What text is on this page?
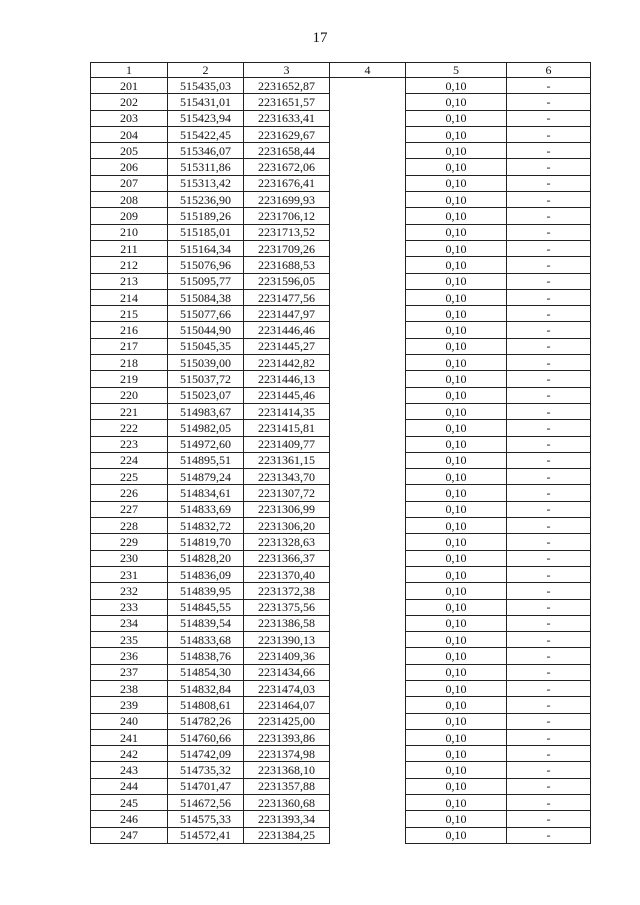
17
1	2	3	4	5	6
201	515435,03	2231652,87		0,10	-
202	515431,01	2231651,57		0,10	-
203	515423,94	2231633,41		0,10	-
204	515422,45	2231629,67		0,10	-
205	515346,07	2231658,44		0,10	-
206	515311,86	2231672,06		0,10	-
207	515313,42	2231676,41		0,10	-
208	515236,90	2231699,93		0,10	-
209	515189,26	2231706,12		0,10	-
210	515185,01	2231713,52		0,10	-
211	515164,34	2231709,26		0,10	-
212	515076,96	2231688,53		0,10	-
213	515095,77	2231596,05		0,10	-
214	515084,38	2231477,56		0,10	-
215	515077,66	2231447,97		0,10	-
216	515044,90	2231446,46		0,10	-
217	515045,35	2231445,27		0,10	-
218	515039,00	2231442,82		0,10	-
219	515037,72	2231446,13		0,10	-
220	515023,07	2231445,46		0,10	-
221	514983,67	2231414,35		0,10	-
222	514982,05	2231415,81		0,10	-
223	514972,60	2231409,77		0,10	-
224	514895,51	2231361,15		0,10	-
225	514879,24	2231343,70		0,10	-
226	514834,61	2231307,72		0,10	-
227	514833,69	2231306,99		0,10	-
228	514832,72	2231306,20		0,10	-
229	514819,70	2231328,63		0,10	-
230	514828,20	2231366,37		0,10	-
231	514836,09	2231370,40		0,10	-
232	514839,95	2231372,38		0,10	-
233	514845,55	2231375,56		0,10	-
234	514839,54	2231386,58		0,10	-
235	514833,68	2231390,13		0,10	-
236	514838,76	2231409,36		0,10	-
237	514854,30	2231434,66		0,10	-
238	514832,84	2231474,03		0,10	-
239	514808,61	2231464,07		0,10	-
240	514782,26	2231425,00		0,10	-
241	514760,66	2231393,86		0,10	-
242	514742,09	2231374,98		0,10	-
243	514735,32	2231368,10		0,10	-
244	514701,47	2231357,88		0,10	-
245	514672,56	2231360,68		0,10	-
246	514575,33	2231393,34		0,10	-
247	514572,41	2231384,25		0,10	-
